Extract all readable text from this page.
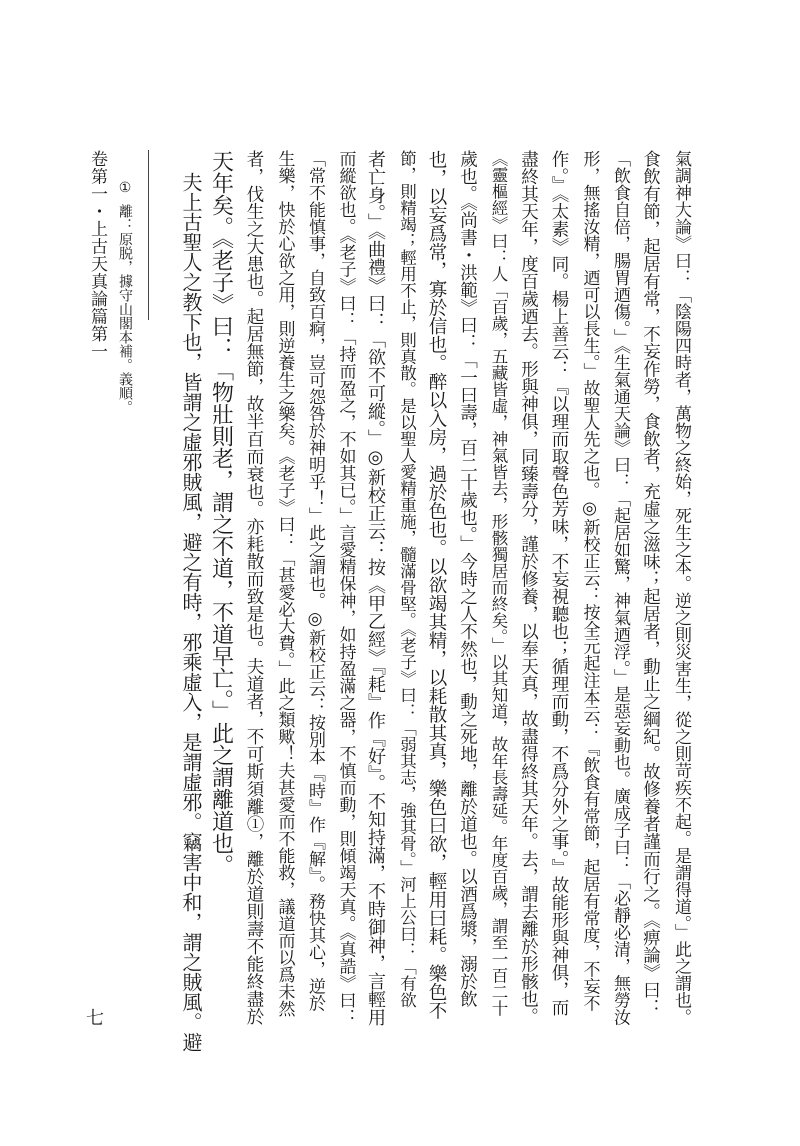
卷第一・上古天真論篇第一
七
①離：原脱，據守山閣本補。義順。	氣調神大論》曰：「陰陽四時者，萬物之終始，死生之本。逆之則災害生，從之則苛疾不起。是謂得道。」此之謂也。
食飲有節，起居有常，不妄作勞，食飲者，充虛之滋味；起居者，動止之綱紀。故修養者謹而行之。《痹論》曰：
「飲食自倍，腸胃迺傷。」《生氣通天論》曰：「起居如驚，神氣迺浮。」是惡妄動也。廣成子曰：「必靜必清，無勞汝
形，無搖汝精，迺可以長生。」故聖人先之也。◎新校正云：按全元起注本云：『飲食有常節，起居有常度，不妄不
作。』《太素》同。楊上善云：『以理而取聲色芳味，不妄視聽也；循理而動，不爲分外之事。』故能形與神俱，而
盡終其天年，度百歲迺去。形與神俱，同臻壽分，謹於修養，以奉天真，故盡得終其天年。去，謂去離於形骸也。
《靈樞經》曰：人「百歲，五藏皆虛，神氣皆去，形骸獨居而終矣。」以其知道，故年長壽延。年度百歲，謂至一百二十
歲也。《尚書・洪範》曰：「一曰壽，百二十歲也。」今時之人不然也，動之死地，離於道也。以酒爲漿，溺於飲
也，以妄爲常，寡於信也。醉以入房，過於色也。以欲竭其精，以耗散其真，樂色曰欲，輕用曰耗。樂色不
節，則精竭；輕用不止，則真散。是以聖人愛精重施，髓滿骨堅。《老子》曰：「弱其志，強其骨。」河上公曰：「有欲
者亡身。」《曲禮》曰：「欲不可縱。」◎新校正云：按《甲乙經》『耗』作『好』。不知持滿，不時御神，言輕用
而縱欲也。《老子》曰：「持而盈之，不如其已。」言愛精保神，如持盈滿之器，不慎而動，則傾竭天真。《真誥》曰：
「常不能慎事，自致百痾，豈可怨咎於神明乎！」此之謂也。◎新校正云：按別本『時』作『解』。務快其心，逆於
生樂，快於心欲之用，則逆養生之樂矣。《老子》曰：「甚愛必大費。」此之類歟！夫甚愛而不能救，議道而以爲未然
者，伐生之大患也。起居無節，故半百而衰也。亦耗散而致是也。夫道者，不可斯須離①，離於道則壽不能終盡於
天年矣。《老子》曰：「物壯則老，謂之不道，不道早亡。」此之謂離道也。
夫上古聖人之教下也，皆謂之虛邪賊風，避之有時，邪乘虛入，是謂虛邪。竊害中和，謂之賊風。避
